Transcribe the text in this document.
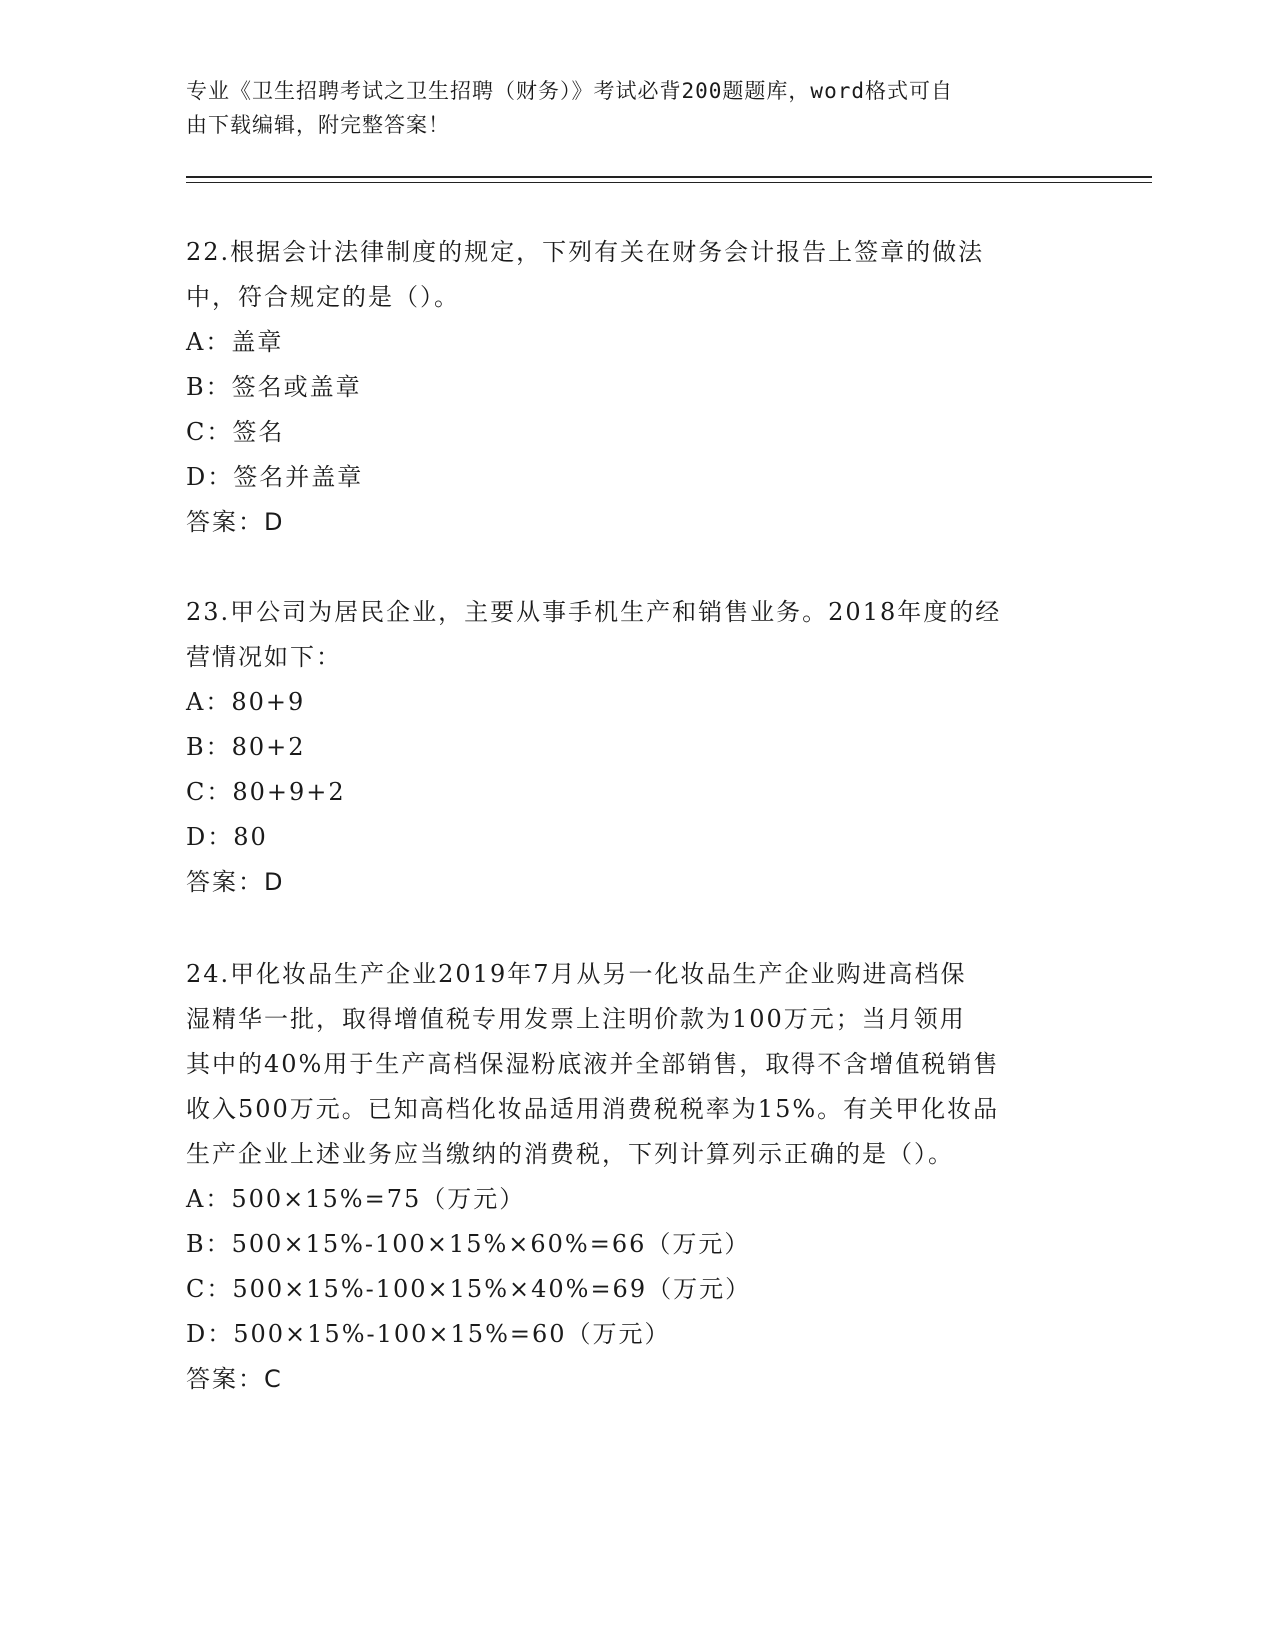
专业《卫生招聘考试之卫生招聘（财务）》考试必背200题题库，word格式可自
由下载编辑，附完整答案！

22.根据会计法律制度的规定，下列有关在财务会计报告上签章的做法

中，符合规定的是（）。

A：盖章

B：签名或盖章

C：签名

D：签名并盖章

答案：D

23.甲公司为居民企业，主要从事手机生产和销售业务。2018年度的经

营情况如下：

A：80+9

B：80+2

C：80+9+2

D：80

答案：D

24.甲化妆品生产企业2019年7月从另一化妆品生产企业购进高档保

湿精华一批，取得增值税专用发票上注明价款为100万元；当月领用

其中的40%用于生产高档保湿粉底液并全部销售，取得不含增值税销售

收入500万元。已知高档化妆品适用消费税税率为15%。有关甲化妆品

生产企业上述业务应当缴纳的消费税，下列计算列示正确的是（）。

A：500×15%=75（万元）

B：500×15%-100×15%×60%=66（万元）

C：500×15%-100×15%×40%=69（万元）

D：500×15%-100×15%=60（万元）

答案：C
